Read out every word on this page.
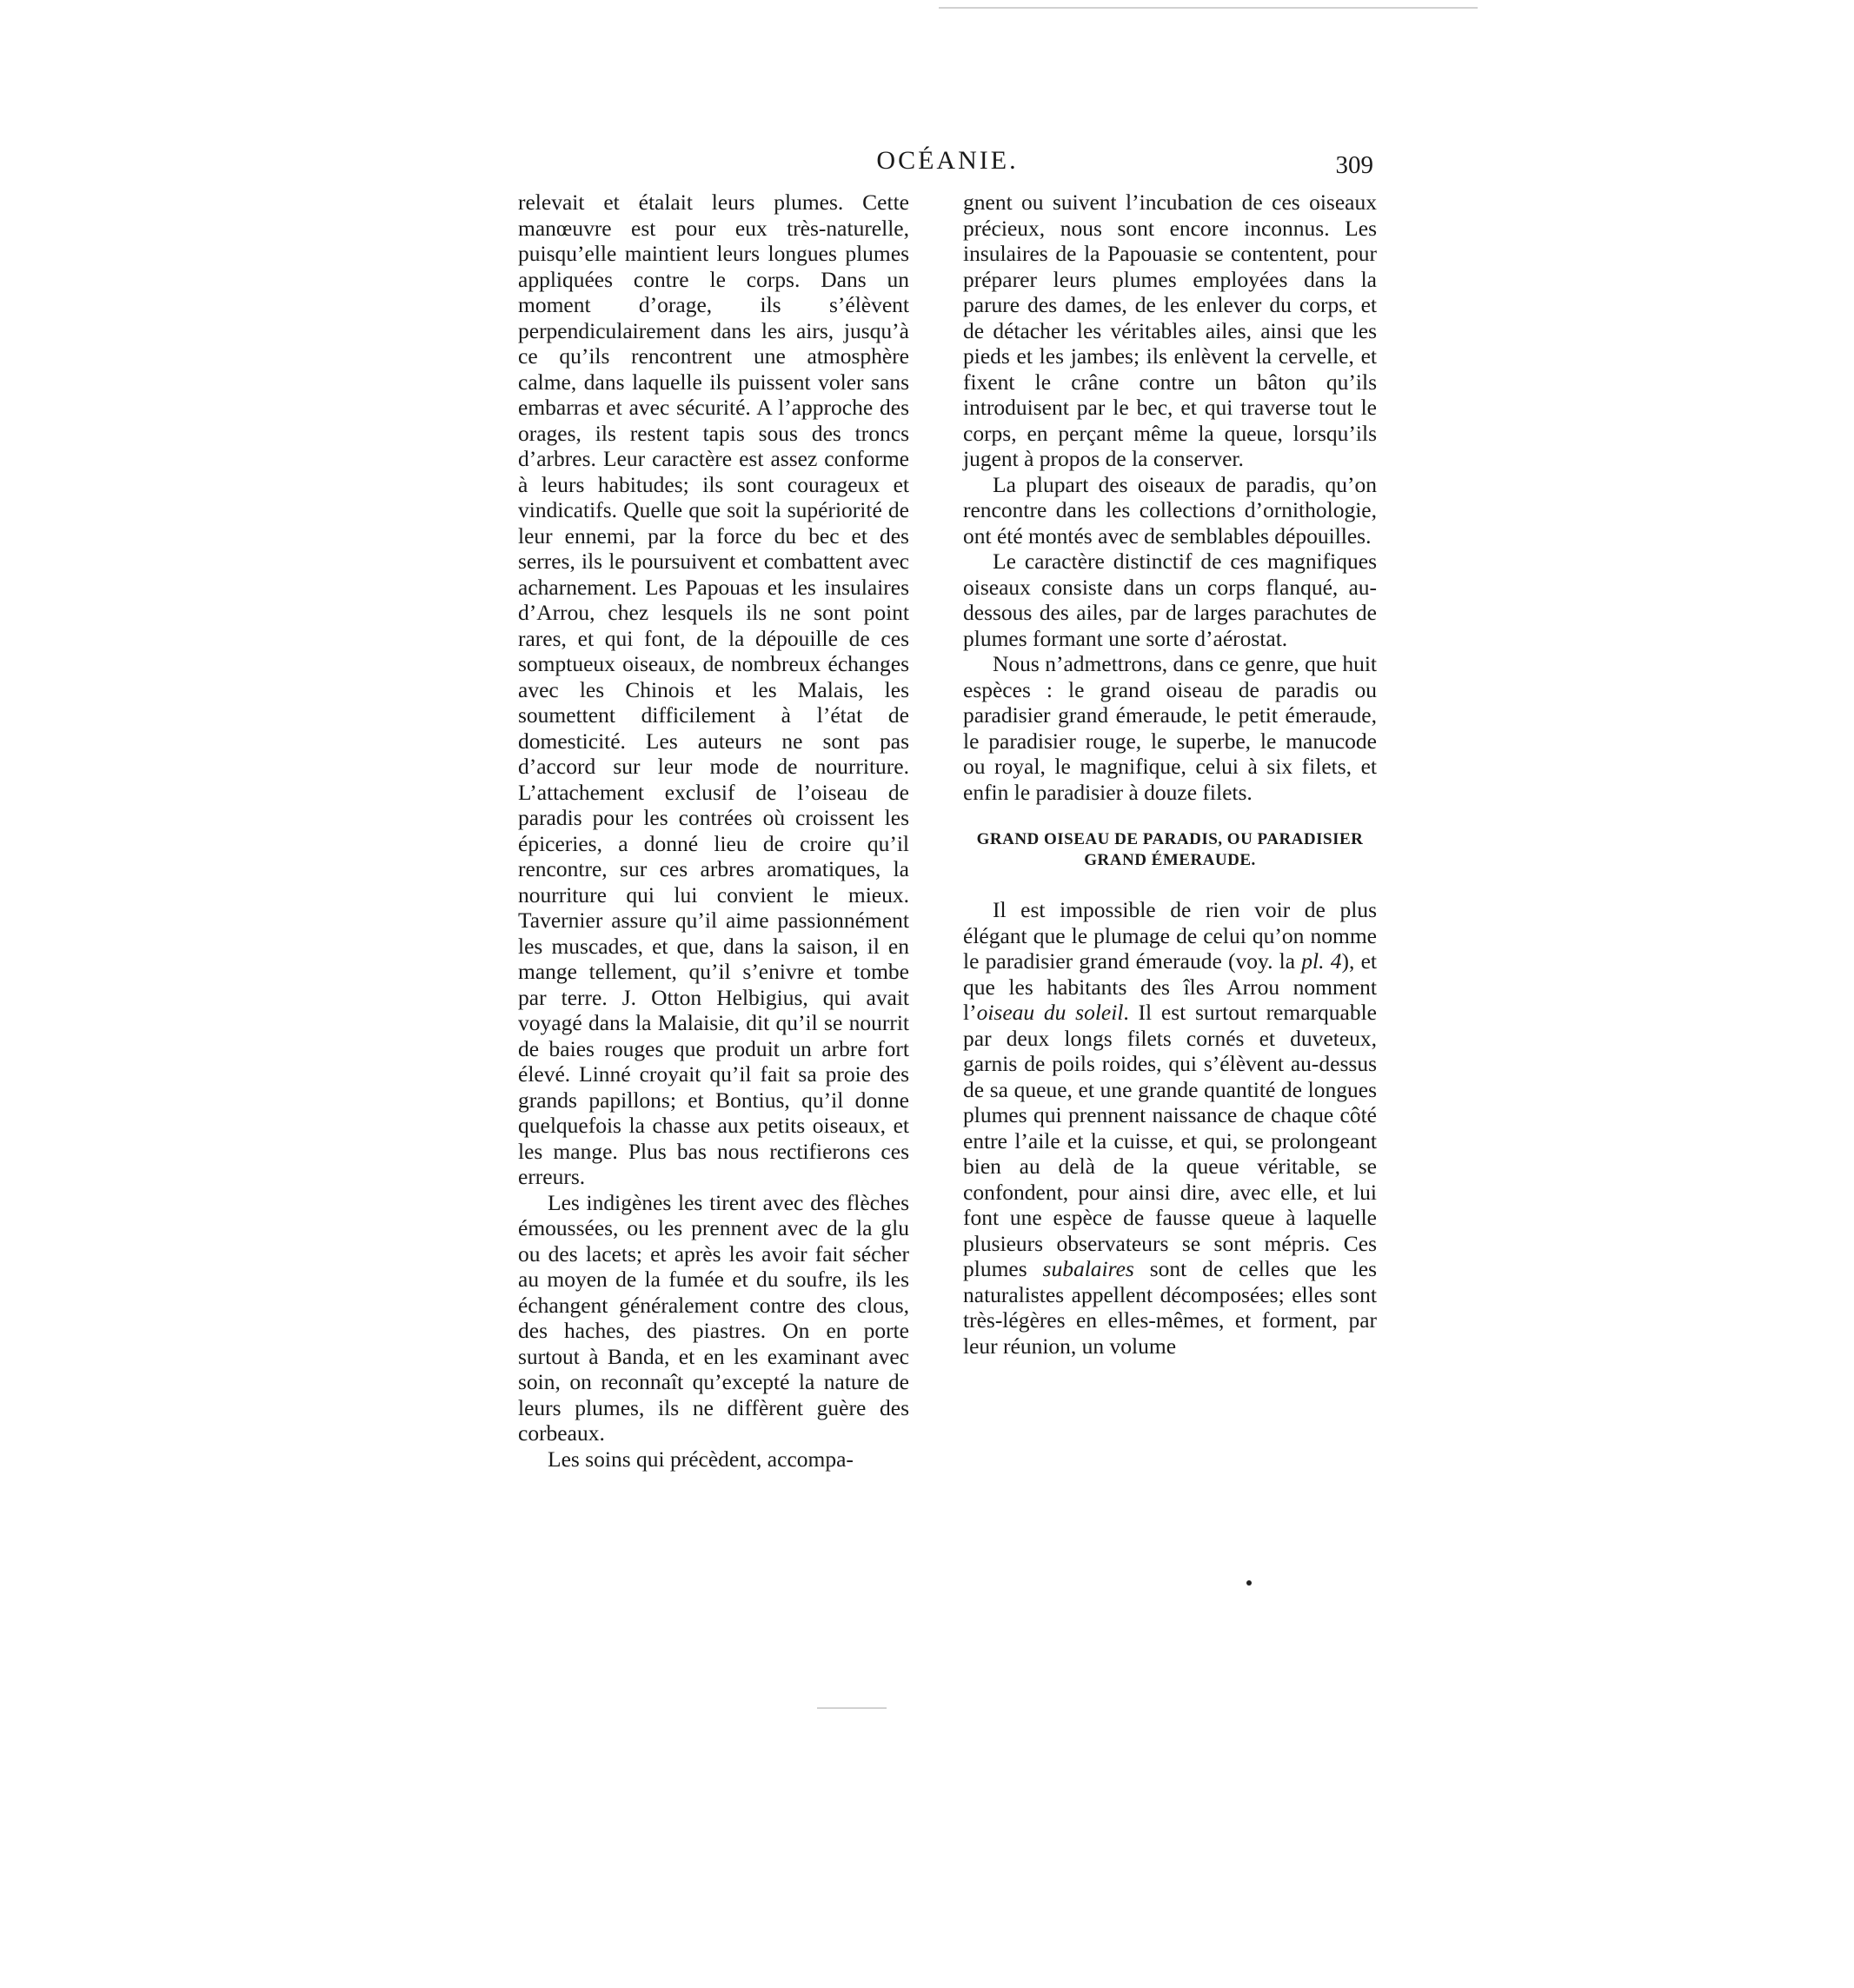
OCÉANIE.	309

relevait et étalait leurs plumes. Cette manœuvre est pour eux très-naturelle, puisqu’elle maintient leurs longues plumes appliquées contre le corps. Dans un moment d’orage, ils s’élèvent perpendiculairement dans les airs, jusqu’à ce qu’ils rencontrent une atmosphère calme, dans laquelle ils puissent voler sans embarras et avec sécurité. A l’approche des orages, ils restent tapis sous des troncs d’arbres. Leur caractère est assez conforme à leurs habitudes; ils sont courageux et vindicatifs. Quelle que soit la supériorité de leur ennemi, par la force du bec et des serres, ils le poursuivent et combattent avec acharnement. Les Papouas et les insulaires d’Arrou, chez lesquels ils ne sont point rares, et qui font, de la dépouille de ces somptueux oiseaux, de nombreux échanges avec les Chinois et les Malais, les soumettent difficilement à l’état de domesticité. Les auteurs ne sont pas d’accord sur leur mode de nourriture. L’attachement exclusif de l’oiseau de paradis pour les contrées où croissent les épiceries, a donné lieu de croire qu’il rencontre, sur ces arbres aromatiques, la nourriture qui lui convient le mieux. Tavernier assure qu’il aime passionnément les muscades, et que, dans la saison, il en mange tellement, qu’il s’enivre et tombe par terre. J. Otton Helbigius, qui avait voyagé dans la Malaisie, dit qu’il se nourrit de baies rouges que produit un arbre fort élevé. Linné croyait qu’il fait sa proie des grands papillons; et Bontius, qu’il donne quelquefois la chasse aux petits oiseaux, et les mange. Plus bas nous rectifierons ces erreurs.

Les indigènes les tirent avec des flèches émoussées, ou les prennent avec de la glu ou des lacets; et après les avoir fait sécher au moyen de la fumée et du soufre, ils les échangent généralement contre des clous, des haches, des piastres. On en porte surtout à Banda, et en les examinant avec soin, on reconnaît qu’excepté la nature de leurs plumes, ils ne diffèrent guère des corbeaux.

Les soins qui précèdent, accompa-

gnent ou suivent l’incubation de ces oiseaux précieux, nous sont encore inconnus. Les insulaires de la Papouasie se contentent, pour préparer leurs plumes employées dans la parure des dames, de les enlever du corps, et de détacher les véritables ailes, ainsi que les pieds et les jambes; ils enlèvent la cervelle, et fixent le crâne contre un bâton qu’ils introduisent par le bec, et qui traverse tout le corps, en perçant même la queue, lorsqu’ils jugent à propos de la conserver.

La plupart des oiseaux de paradis, qu’on rencontre dans les collections d’ornithologie, ont été montés avec de semblables dépouilles.

Le caractère distinctif de ces magnifiques oiseaux consiste dans un corps flanqué, au-dessous des ailes, par de larges parachutes de plumes formant une sorte d’aérostat.

Nous n’admettrons, dans ce genre, que huit espèces : le grand oiseau de paradis ou paradisier grand émeraude, le petit émeraude, le paradisier rouge, le superbe, le manucode ou royal, le magnifique, celui à six filets, et enfin le paradisier à douze filets.

GRAND OISEAU DE PARADIS, OU PARADISIER
GRAND ÉMERAUDE.

Il est impossible de rien voir de plus élégant que le plumage de celui qu’on nomme le paradisier grand émeraude (voy. la pl. 4), et que les habitants des îles Arrou nomment l’oiseau du soleil. Il est surtout remarquable par deux longs filets cornés et duveteux, garnis de poils roides, qui s’élèvent au-dessus de sa queue, et une grande quantité de longues plumes qui prennent naissance de chaque côté entre l’aile et la cuisse, et qui, se prolongeant bien au delà de la queue véritable, se confondent, pour ainsi dire, avec elle, et lui font une espèce de fausse queue à laquelle plusieurs observateurs se sont mépris. Ces plumes subalaires sont de celles que les naturalistes appellent décomposées; elles sont très-légères en elles-mêmes, et forment, par leur réunion, un volume
